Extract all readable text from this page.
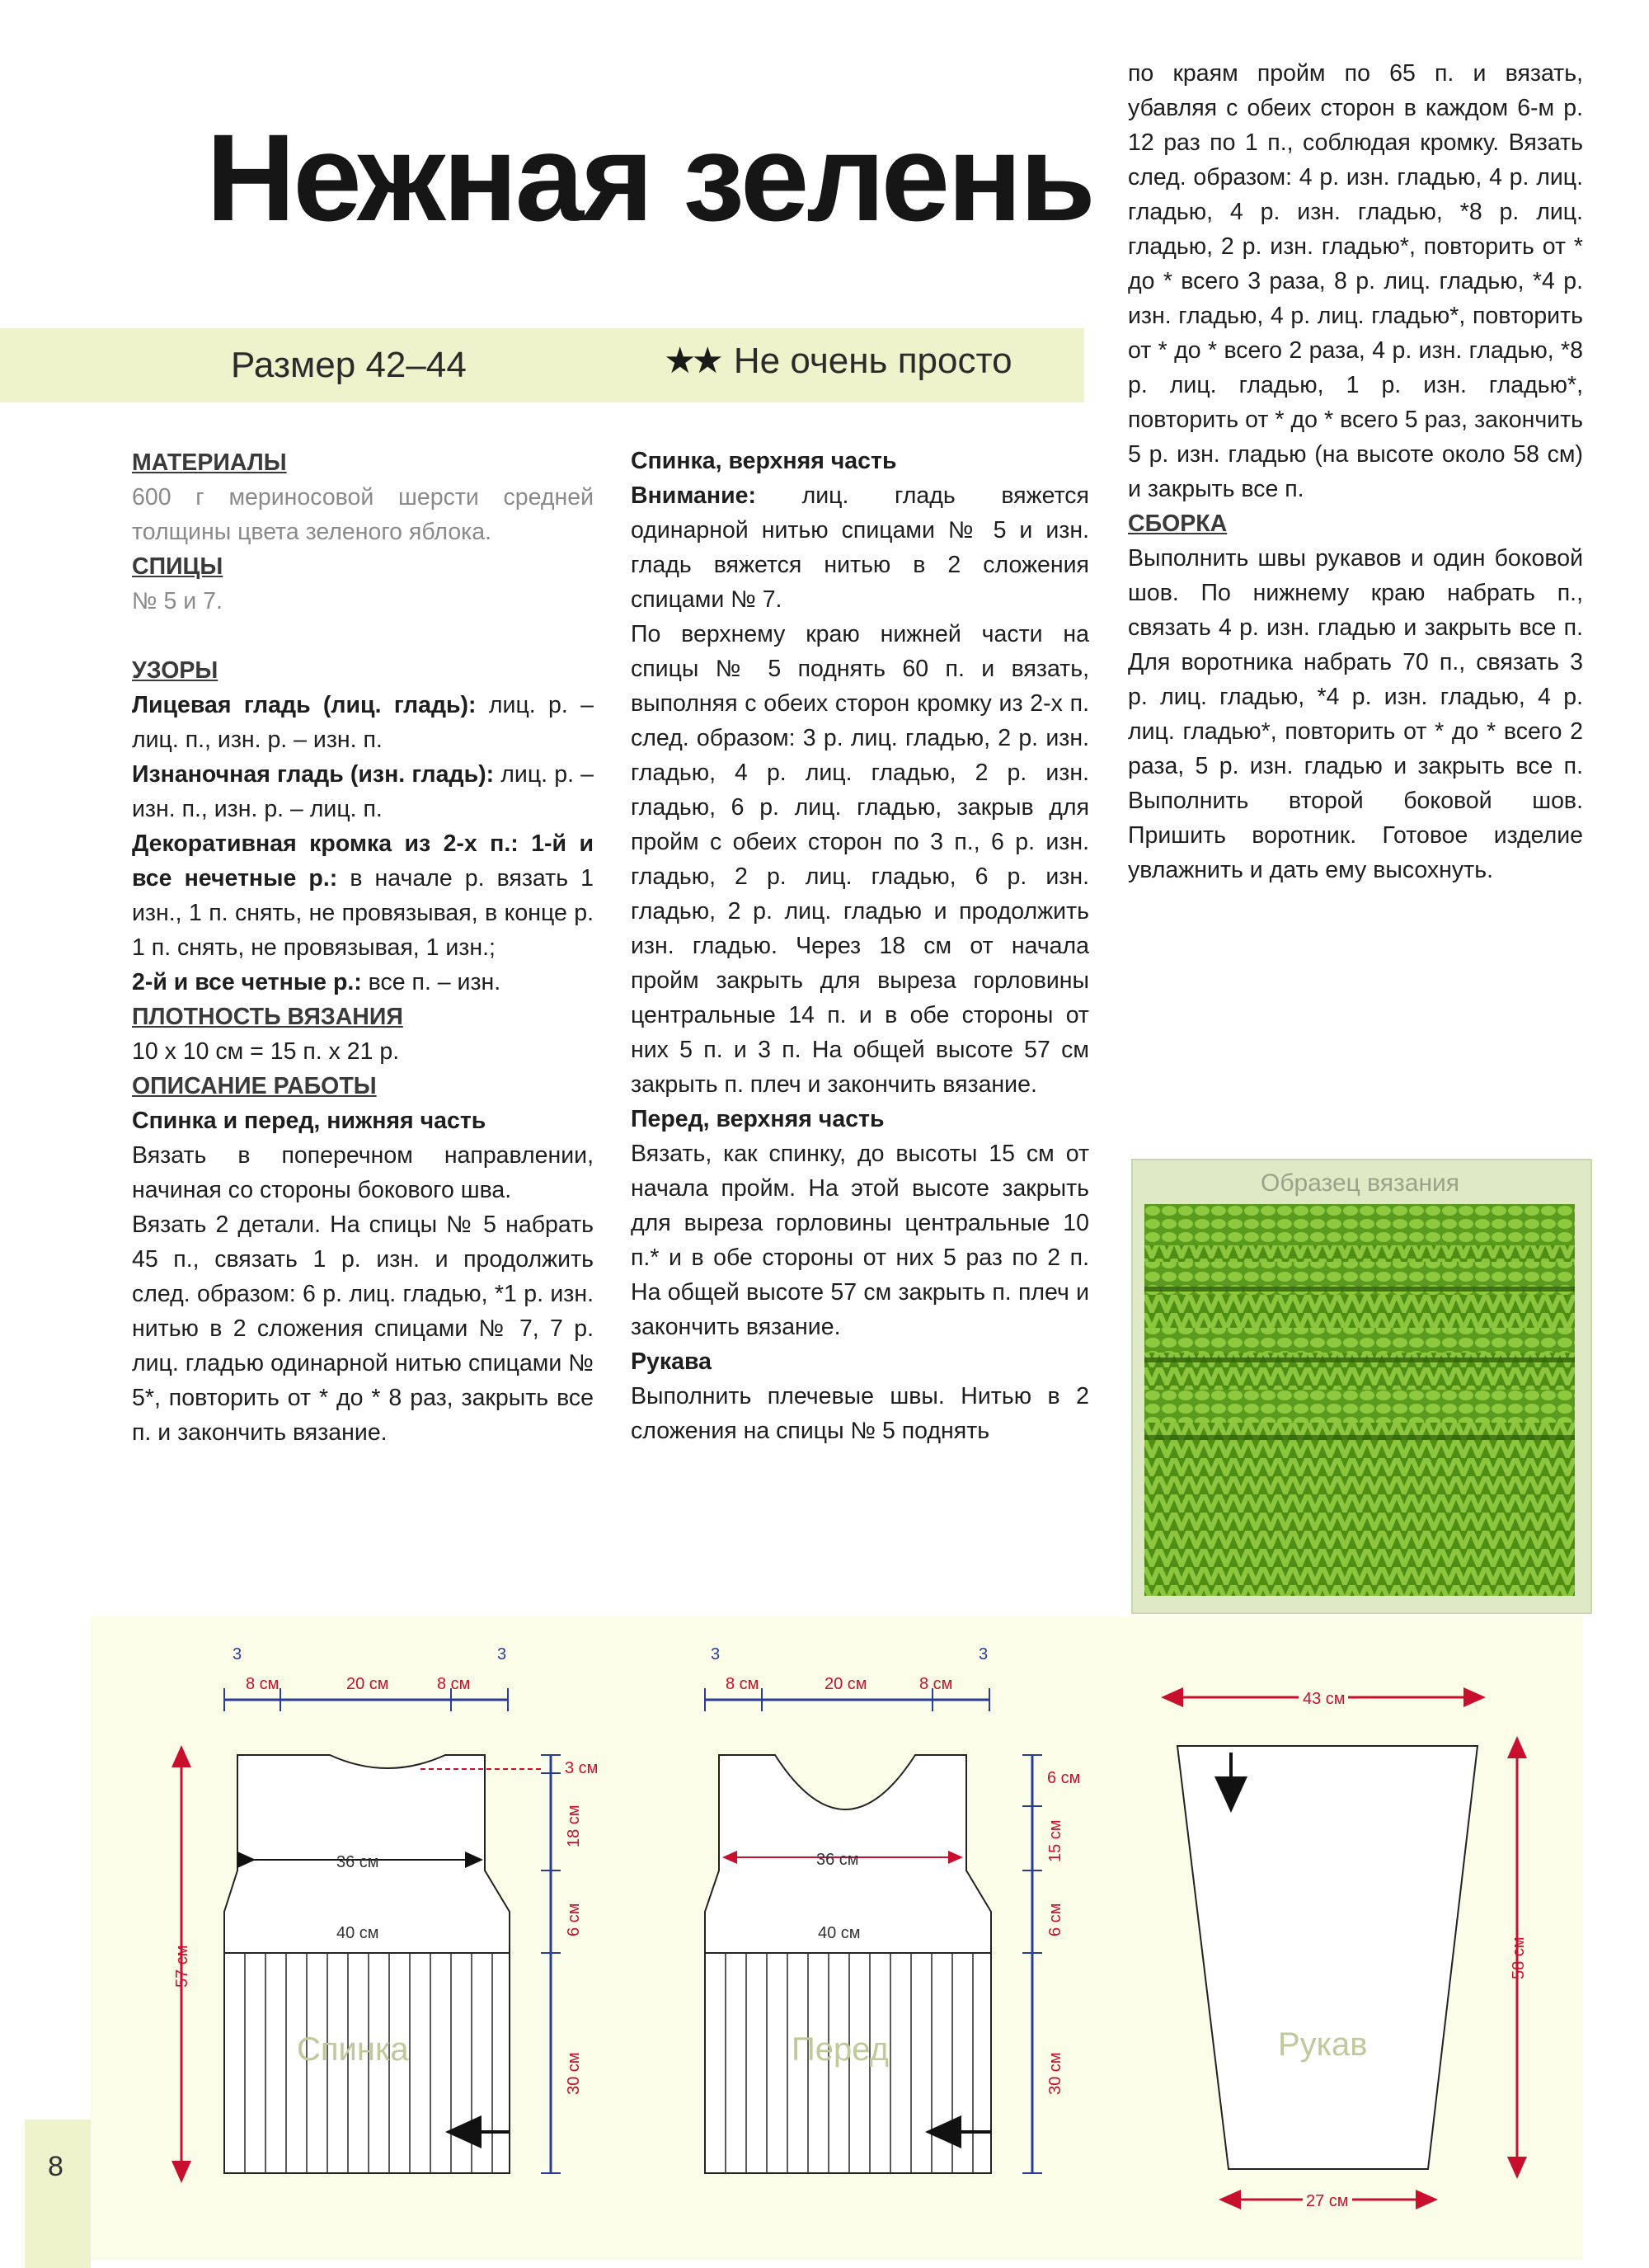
Нежная зелень
Размер 42–44	★★ Не очень просто

МАТЕРИАЛЫ

600 г мериносовой шерсти средней толщины цвета зеленого яблока.

СПИЦЫ

№ 5 и 7.

УЗОРЫ

Лицевая гладь (лиц. гладь): лиц. р. – лиц. п., изн. р. – изн. п.

Изнаночная гладь (изн. гладь): лиц. р. – изн. п., изн. р. – лиц. п.

Декоративная кромка из 2-х п.: 1-й и все нечетные р.: в начале р. вязать 1 изн., 1 п. снять, не провязывая, в конце р. 1 п. снять, не провязывая, 1 изн.;

2-й и все четные р.: все п. – изн.

ПЛОТНОСТЬ ВЯЗАНИЯ

10 х 10 см = 15 п. х 21 р.

ОПИСАНИЕ РАБОТЫ

Спинка и перед, нижняя часть

Вязать в поперечном направлении, начиная со стороны бокового шва.

Вязать 2 детали. На спицы № 5 набрать 45 п., связать 1 р. изн. и продолжить след. образом: 6 р. лиц. гладью, *1 р. изн. нитью в 2 сложения спицами № 7, 7 р. лиц. гладью одинарной нитью спицами № 5*, повторить от * до * 8 раз, закрыть все п. и закончить вязание.

Спинка, верхняя часть

Внимание: лиц. гладь вяжется одинарной нитью спицами № 5 и изн. гладь вяжется нитью в 2 сложения спицами № 7.

По верхнему краю нижней части на спицы № 5 поднять 60 п. и вязать, выполняя с обеих сторон кромку из 2-х п. след. образом: 3 р. лиц. гладью, 2 р. изн. гладью, 4 р. лиц. гладью, 2 р. изн. гладью, 6 р. лиц. гладью, закрыв для пройм с обеих сторон по 3 п., 6 р. изн. гладью, 2 р. лиц. гладью, 6 р. изн. гладью, 2 р. лиц. гладью и продолжить изн. гладью. Через 18 см от начала пройм закрыть для выреза горловины центральные 14 п. и в обе стороны от них 5 п. и 3 п. На общей высоте 57 см закрыть п. плеч и закончить вязание.

Перед, верхняя часть

Вязать, как спинку, до высоты 15 см от начала пройм. На этой высоте закрыть для выреза горловины центральные 10 п.* и в обе стороны от них 5 раз по 2 п. На общей высоте 57 см закрыть п. плеч и закончить вязание.

Рукава

Выполнить плечевые швы. Нитью в 2 сложения на спицы № 5 поднять

по краям пройм по 65 п. и вязать, убавляя с обеих сторон в каждом 6-м р. 12 раз по 1 п., соблюдая кромку. Вязать след. образом: 4 р. изн. гладью, 4 р. лиц. гладью, 4 р. изн. гладью, *8 р. лиц. гладью, 2 р. изн. гладью*, повторить от * до * всего 3 раза, 8 р. лиц. гладью, *4 р. изн. гладью, 4 р. лиц. гладью*, повторить от * до * всего 2 раза, 4 р. изн. гладью, *8 р. лиц. гладью, 1 р. изн. гладью*, повторить от * до * всего 5 раз, закончить 5 р. изн. гладью (на высоте около 58 см) и закрыть все п.

СБОРКА

Выполнить швы рукавов и один боковой шов. По нижнему краю набрать п., связать 4 р. изн. гладью и закрыть все п. Для воротника набрать 70 п., связать 3 р. лиц. гладью, *4 р. изн. гладью, 4 р. лиц. гладью*, повторить от * до * всего 2 раза, 5 р. изн. гладью и закрыть все п. Выполнить второй боковой шов. Пришить воротник. Готовое изделие увлажнить и дать ему высохнуть.

Образец вязания
8
3	3
8 см	20 см	8 см
36 см
40 см
Спинка
57 см
3 см
18 см
6 см
30 см
3	3
8 см	20 см	8 см
36 см
40 см
Перед
6 см
15 см
6 см
30 см
43 см
Рукав
58 см
27 см
